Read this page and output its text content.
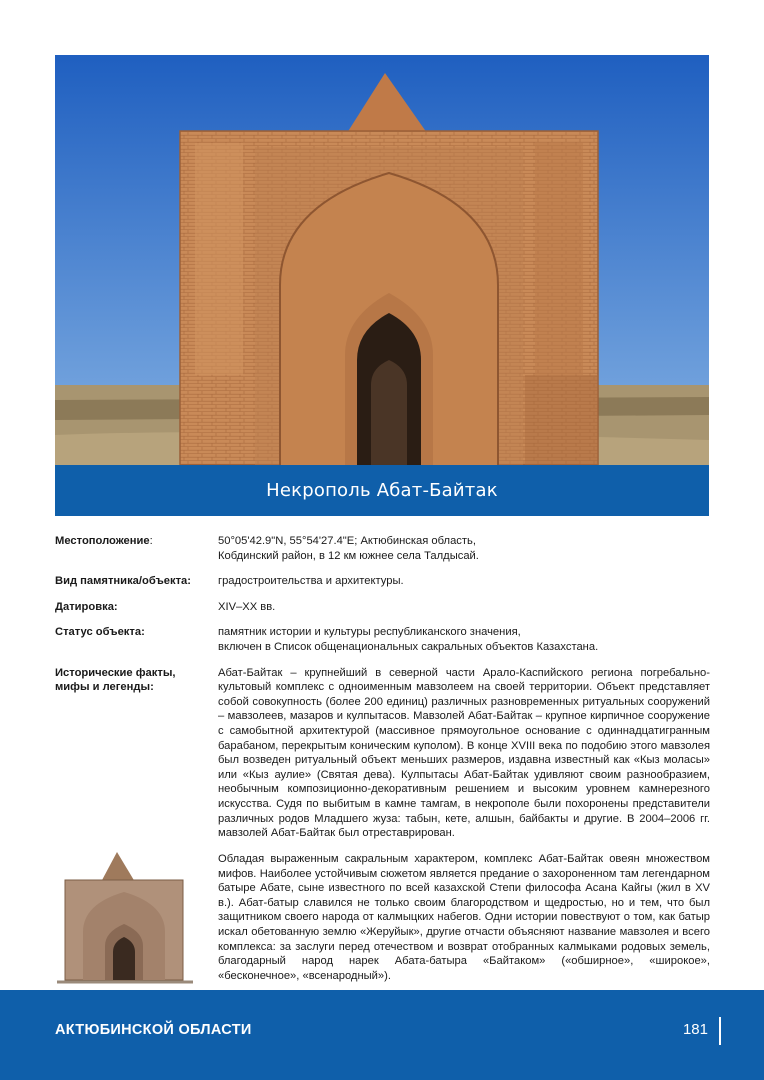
Некрополь Абат-Байтак
Местоположение:	50°05'42.9"N, 55°54'27.4"E; Актюбинская область,
Кобдинский район, в 12 км южнее села Талдысай.
Вид памятника/объекта:	градостроительства и архитектуры.
Датировка:	XIV–XX вв.
Статус объекта:	памятник истории и культуры республиканского значения,
включен в Список общенациональных сакральных объектов Казахстана.
Исторические факты,
мифы и легенды:
Абат-Байтак – крупнейший в северной части Арало-Каспийского региона погребально-культовый комплекс с одноименным мавзолеем на своей территории. Объект представляет собой совокупность (более 200 единиц) различных разновременных ритуальных сооружений – мавзолеев, мазаров и кулпытасов. Мавзолей Абат-Байтак – крупное кирпичное сооружение с самобытной архитектурой (массивное прямоугольное основание с одиннадцатигранным барабаном, перекрытым коническим куполом). В конце XVIII века по подобию этого мавзолея был возведен ритуальный объект меньших размеров, издавна известный как «Кыз моласы» или «Кыз аулие» (Святая дева). Кулпытасы Абат-Байтак удивляют своим разнообразием, необычным композиционно-декоративным решением и высоким уровнем камнерезного искусства. Судя по выбитым в камне тамгам, в некрополе были похоронены представители различных родов Младшего жуза: табын, кете, алшын, байбакты и другие. В 2004–2006 гг. мавзолей Абат-Байтак был отреставрирован.
Обладая выраженным сакральным характером, комплекс Абат-Байтак овеян множеством мифов. Наиболее устойчивым сюжетом является предание о захороненном там легендарном батыре Абате, сыне известного по всей казахской Степи философа Асана Кайгы (жил в XV в.). Абат-батыр славился не только своим благородством и щедростью, но и тем, что был защитником своего народа от калмыцких набегов. Одни истории повествуют о том, как батыр искал обетованную землю «Жеруйык», другие отчасти объясняют название мавзолея и всего комплекса: за заслуги перед отечеством и возврат отобранных калмыками родовых земель, благодарный народ нарек Абата-батыра «Байтаком» («обширное», «широкое», «бесконечное», «всенародный»).
АКТЮБИНСКОЙ ОБЛАСТИ	181
